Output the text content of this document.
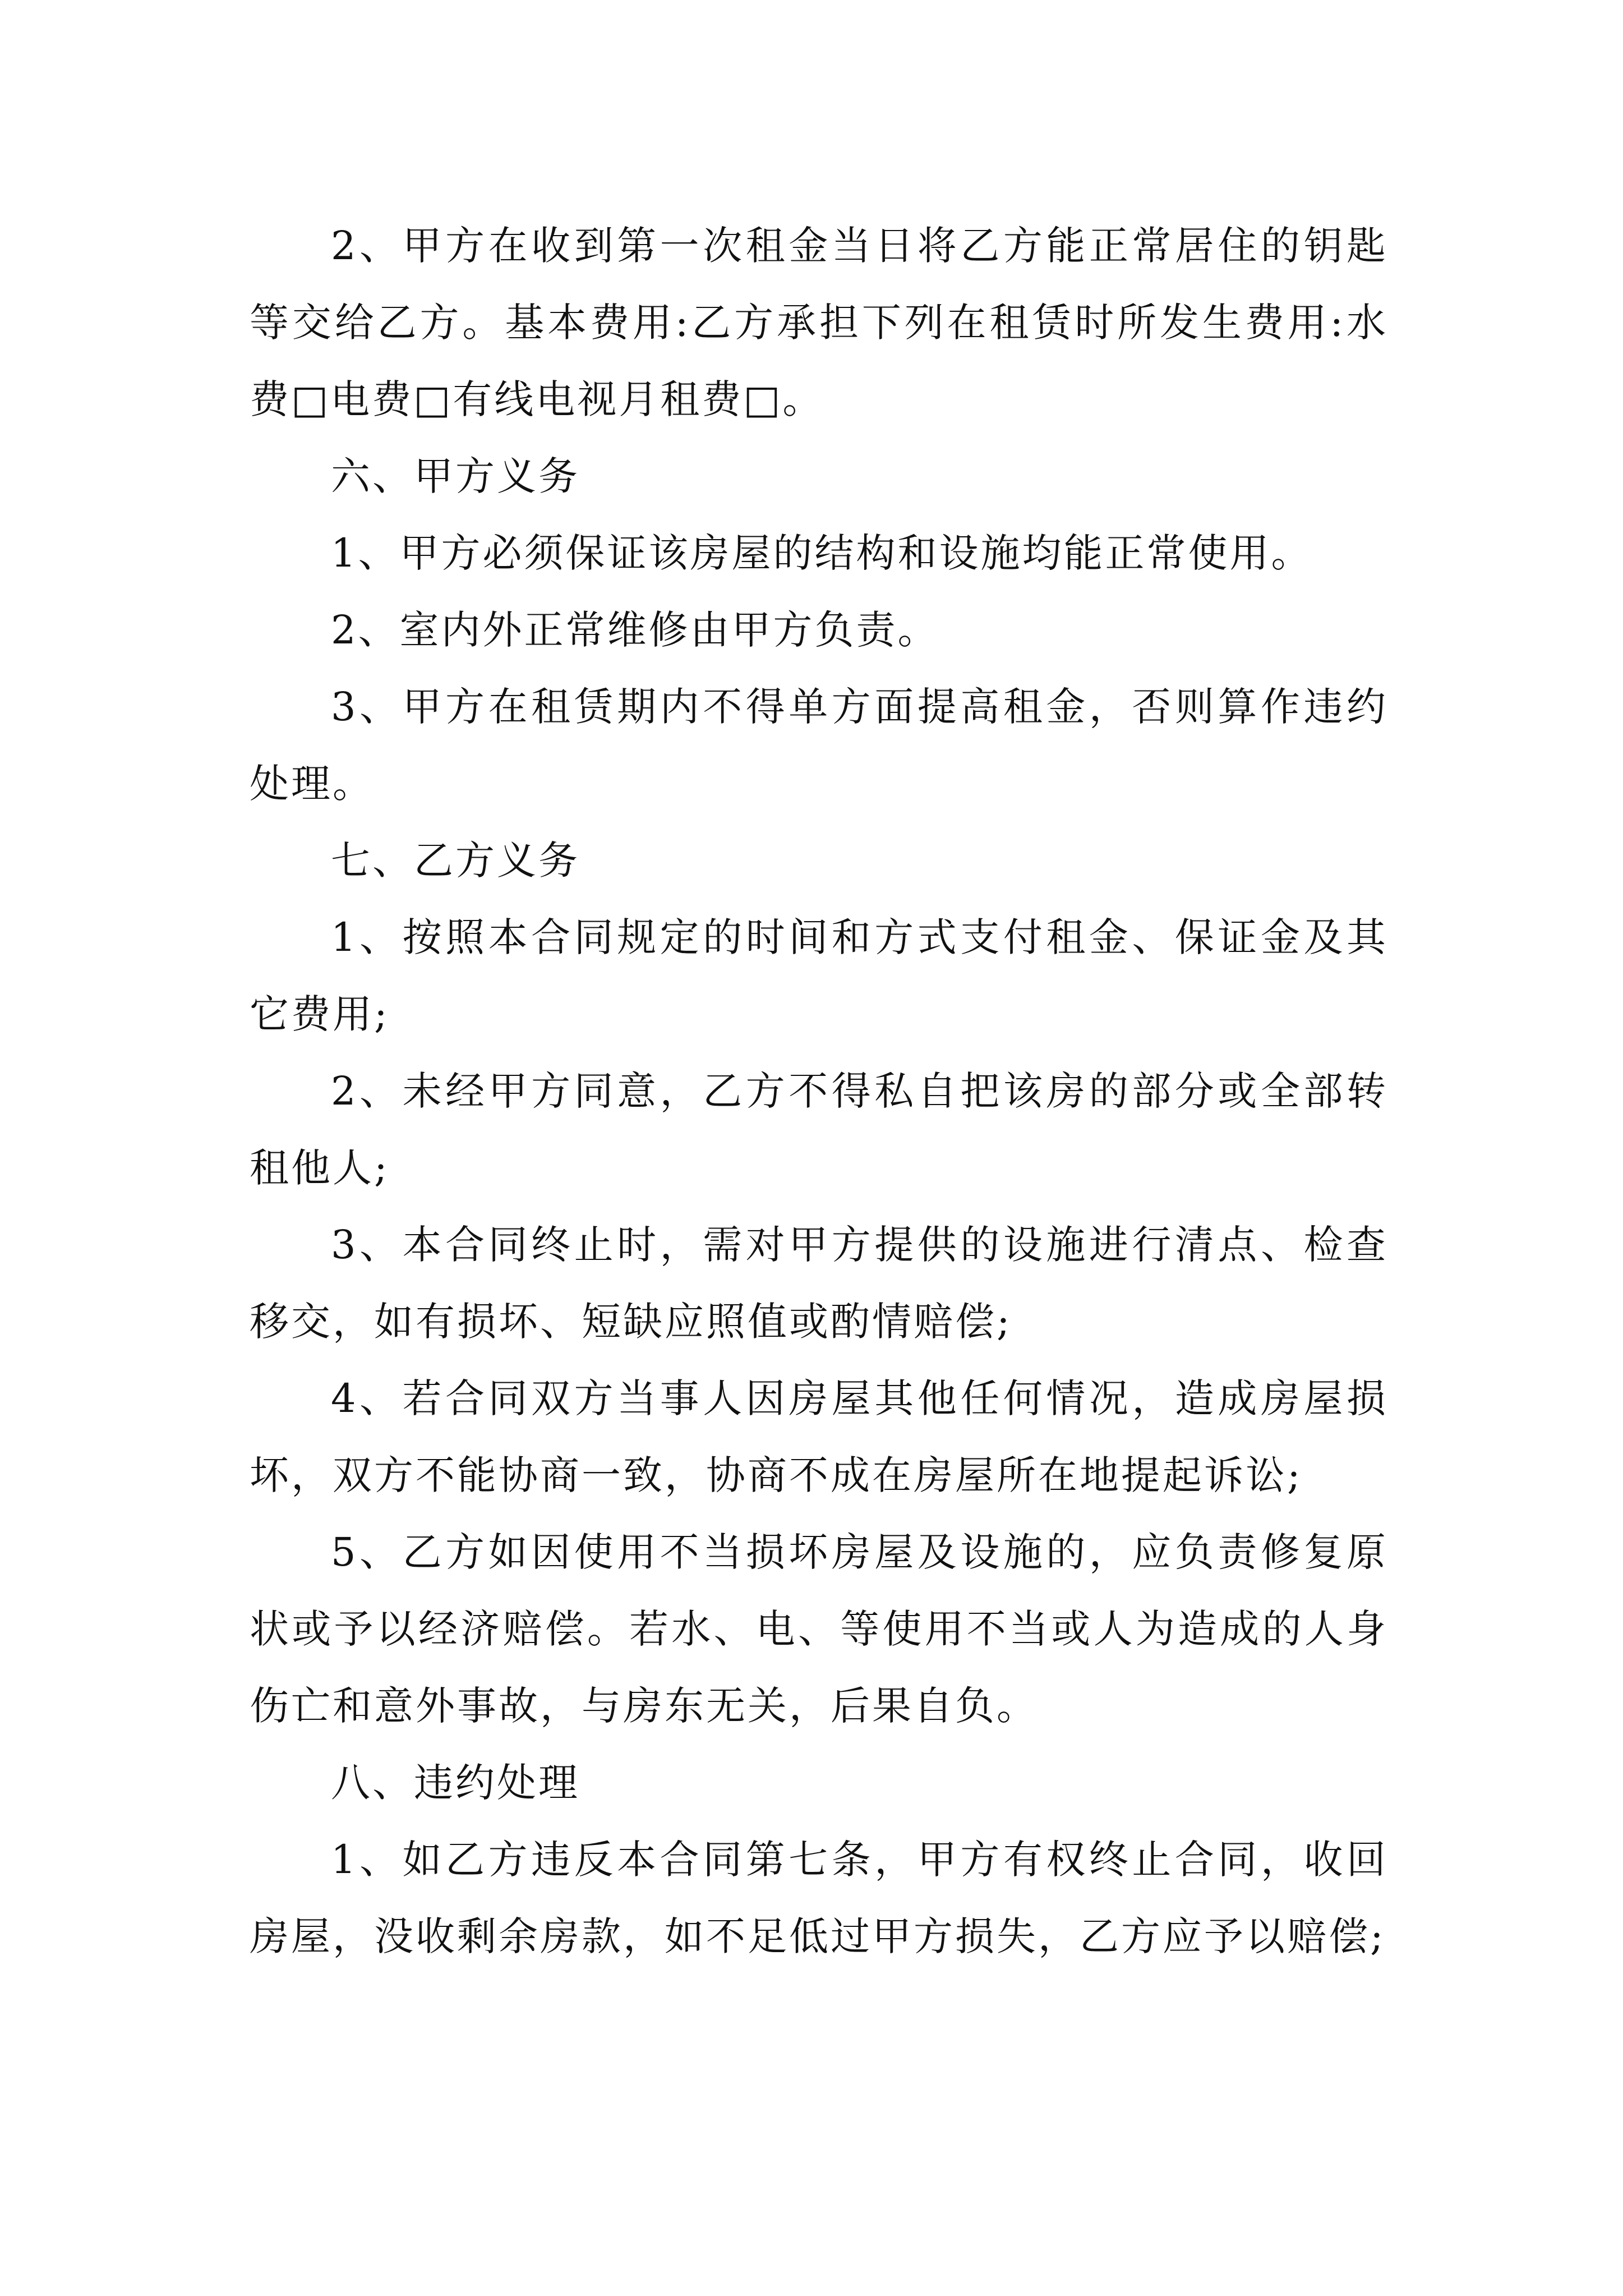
2、甲方在收到第一次租金当日将乙方能正常居住的钥匙等交给乙方。基本费用:乙方承担下列在租赁时所发生费用:水费□电费□有线电视月租费□。

六、甲方义务

1、甲方必须保证该房屋的结构和设施均能正常使用。

2、室内外正常维修由甲方负责。

3、甲方在租赁期内不得单方面提高租金，否则算作违约处理。

七、乙方义务

1、按照本合同规定的时间和方式支付租金、保证金及其它费用;

2、未经甲方同意，乙方不得私自把该房的部分或全部转租他人;

3、本合同终止时，需对甲方提供的设施进行清点、检查移交，如有损坏、短缺应照值或酌情赔偿;

4、若合同双方当事人因房屋其他任何情况，造成房屋损坏，双方不能协商一致，协商不成在房屋所在地提起诉讼;

5、乙方如因使用不当损坏房屋及设施的，应负责修复原状或予以经济赔偿。若水、电、等使用不当或人为造成的人身伤亡和意外事故，与房东无关，后果自负。

八、违约处理

1、如乙方违反本合同第七条，甲方有权终止合同，收回房屋，没收剩余房款，如不足低过甲方损失，乙方应予以赔偿;
